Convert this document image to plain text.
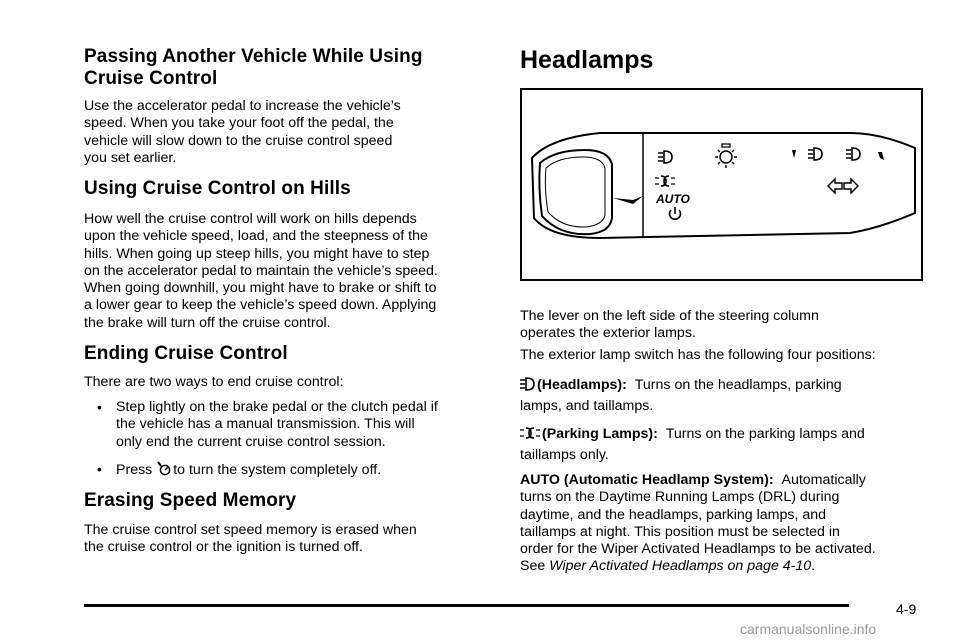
Passing Another Vehicle While Using
Cruise Control

Use the accelerator pedal to increase the vehicle’s
speed. When you take your foot off the pedal, the
vehicle will slow down to the cruise control speed
you set earlier.

Using Cruise Control on Hills

How well the cruise control will work on hills depends
upon the vehicle speed, load, and the steepness of the
hills. When going up steep hills, you might have to step
on the accelerator pedal to maintain the vehicle’s speed.
When going downhill, you might have to brake or shift to
a lower gear to keep the vehicle’s speed down. Applying
the brake will turn off the cruise control.

Ending Cruise Control

There are two ways to end cruise control:

• Step lightly on the brake pedal or the clutch pedal if
the vehicle has a manual transmission. This will
only end the current cruise control session.
• Press to turn the system completely off.
Erasing Speed Memory

The cruise control set speed memory is erased when
the cruise control or the ignition is turned off.

Headlamps
AUTO

The lever on the left side of the steering column
operates the exterior lamps.

The exterior lamp switch has the following four positions:

(Headlamps): Turns on the headlamps, parking
lamps, and taillamps.

(Parking Lamps): Turns on the parking lamps and
taillamps only.

AUTO (Automatic Headlamp System): Automatically
turns on the Daytime Running Lamps (DRL) during
daytime, and the headlamps, parking lamps, and
taillamps at night. This position must be selected in
order for the Wiper Activated Headlamps to be activated.
See Wiper Activated Headlamps on page 4-10.

4-9
carmanualsonline.info
